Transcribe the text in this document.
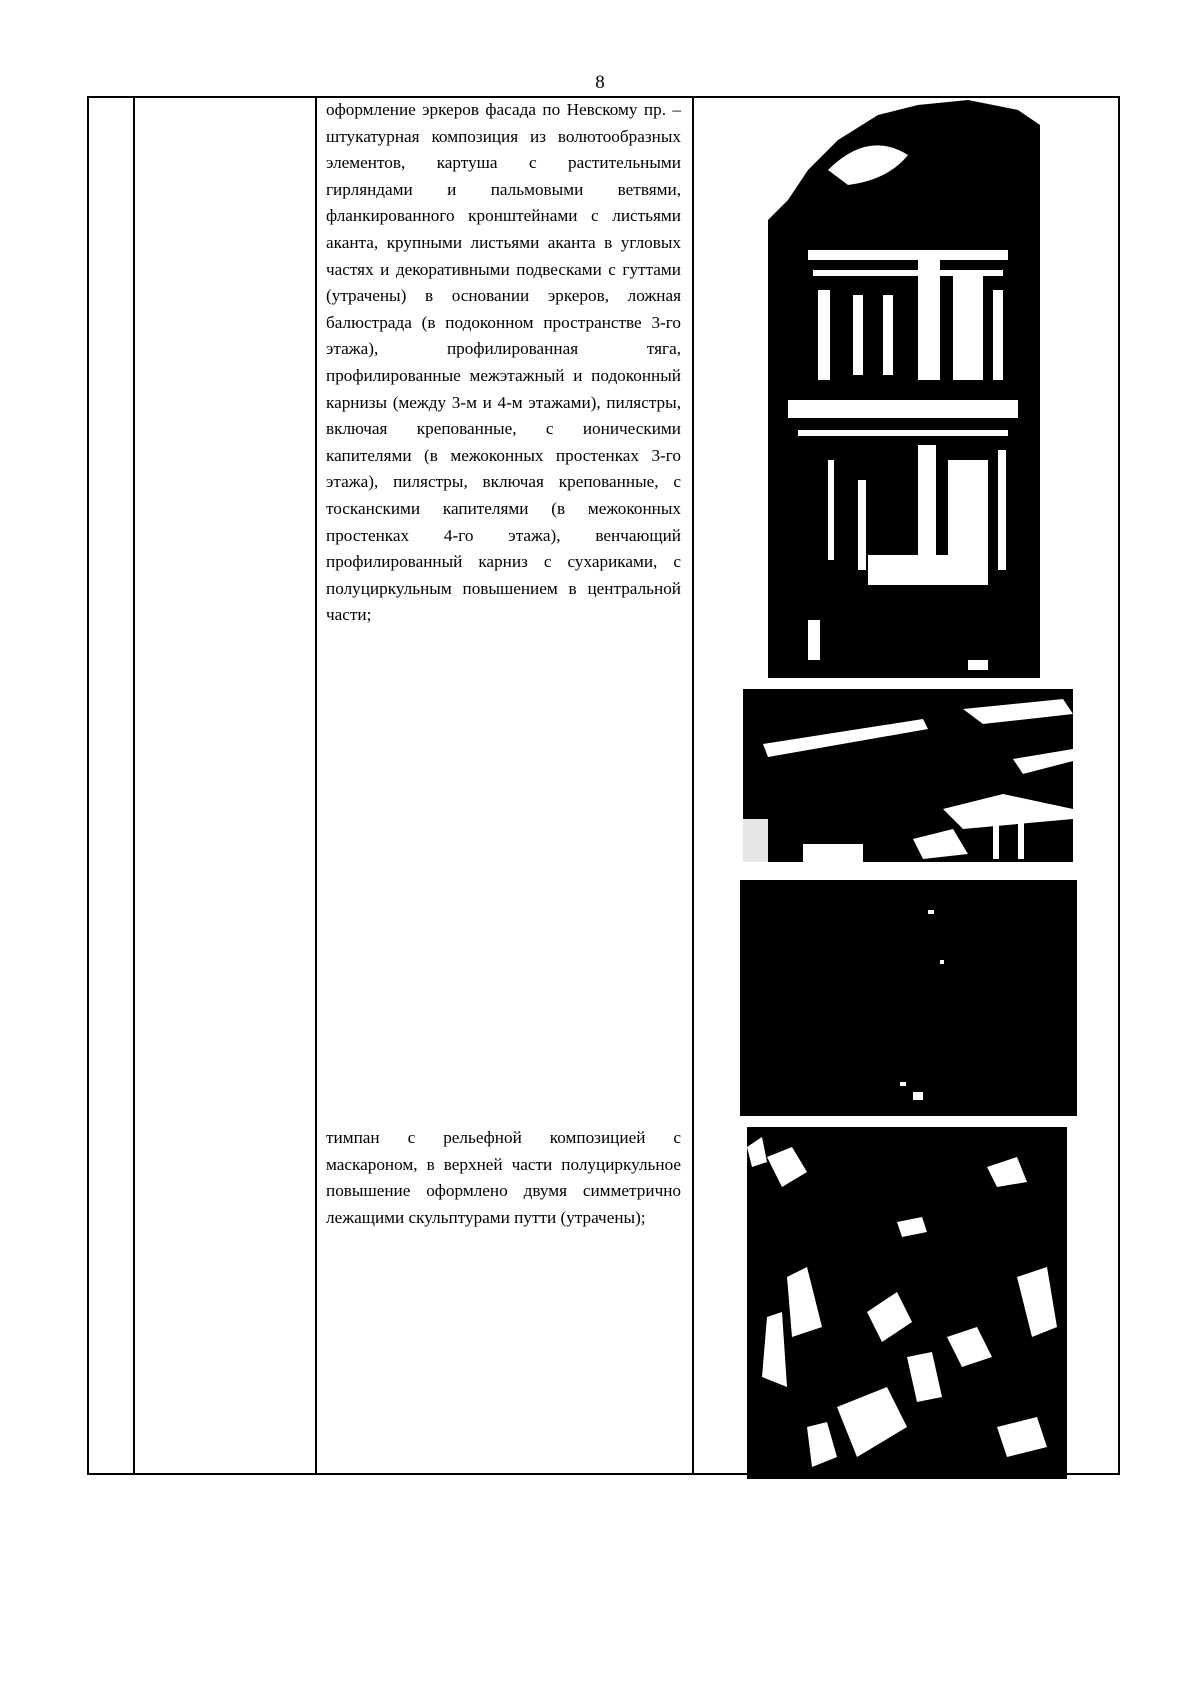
8
оформление эркеров фасада по Невскому пр. – штукатурная композиция из волютообразных элементов, картуша с растительными гирляндами и пальмовыми ветвями, фланкированного кронштейнами с листьями аканта, крупными листьями аканта в угловых частях и декоративными подвесками с гуттами (утрачены) в основании эркеров, ложная балюстрада (в подоконном пространстве 3-го этажа), профилированная тяга, профилированные межэтажный и подоконный карнизы (между 3-м и 4-м этажами), пилястры, включая крепованные, с ионическими капителями (в межоконных простенках 3-го этажа), пилястры, включая крепованные, с тосканскими капителями (в межоконных простенках 4-го этажа), венчающий профилированный карниз с сухариками, с полуциркульным повышением в центральной части;
тимпан с рельефной композицией с маскароном, в верхней части полуциркульное повышение оформлено двумя симметрично лежащими скульптурами путти (утрачены);
